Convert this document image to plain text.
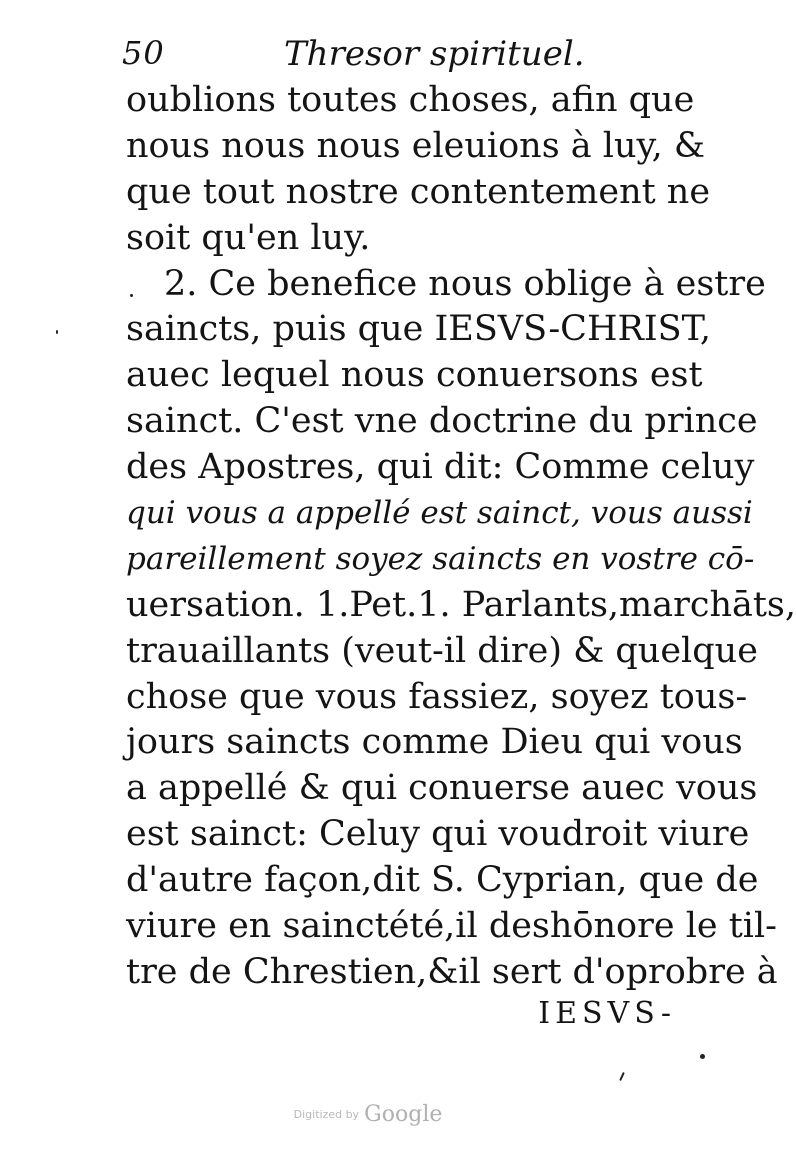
50	Thresor spirituel.
oublions toutes choses, afin que
nous nous nous eleuions à luy, &
que tout nostre contentement ne
soit qu'en luy.
2. Ce benefice nous oblige à estre
saincts, puis que IESVS-CHRIST,
auec lequel nous conuersons est
sainct. C'est vne doctrine du prince
des Apostres, qui dit: Comme celuy
qui vous a appellé est sainct, vous aussi
pareillement soyez saincts en vostre cō-
uersation. 1.Pet.1. Parlants,marchāts,
trauaillants (veut-il dire) & quelque
chose que vous fassiez, soyez tous-
jours saincts comme Dieu qui vous
a appellé & qui conuerse auec vous
est sainct: Celuy qui voudroit viure
d'autre façon,dit S. Cyprian, que de
viure en sainctété,il deshōnore le til-
tre de Chrestien,&il sert d'oprobre à
IESVS-
Digitized by Google
